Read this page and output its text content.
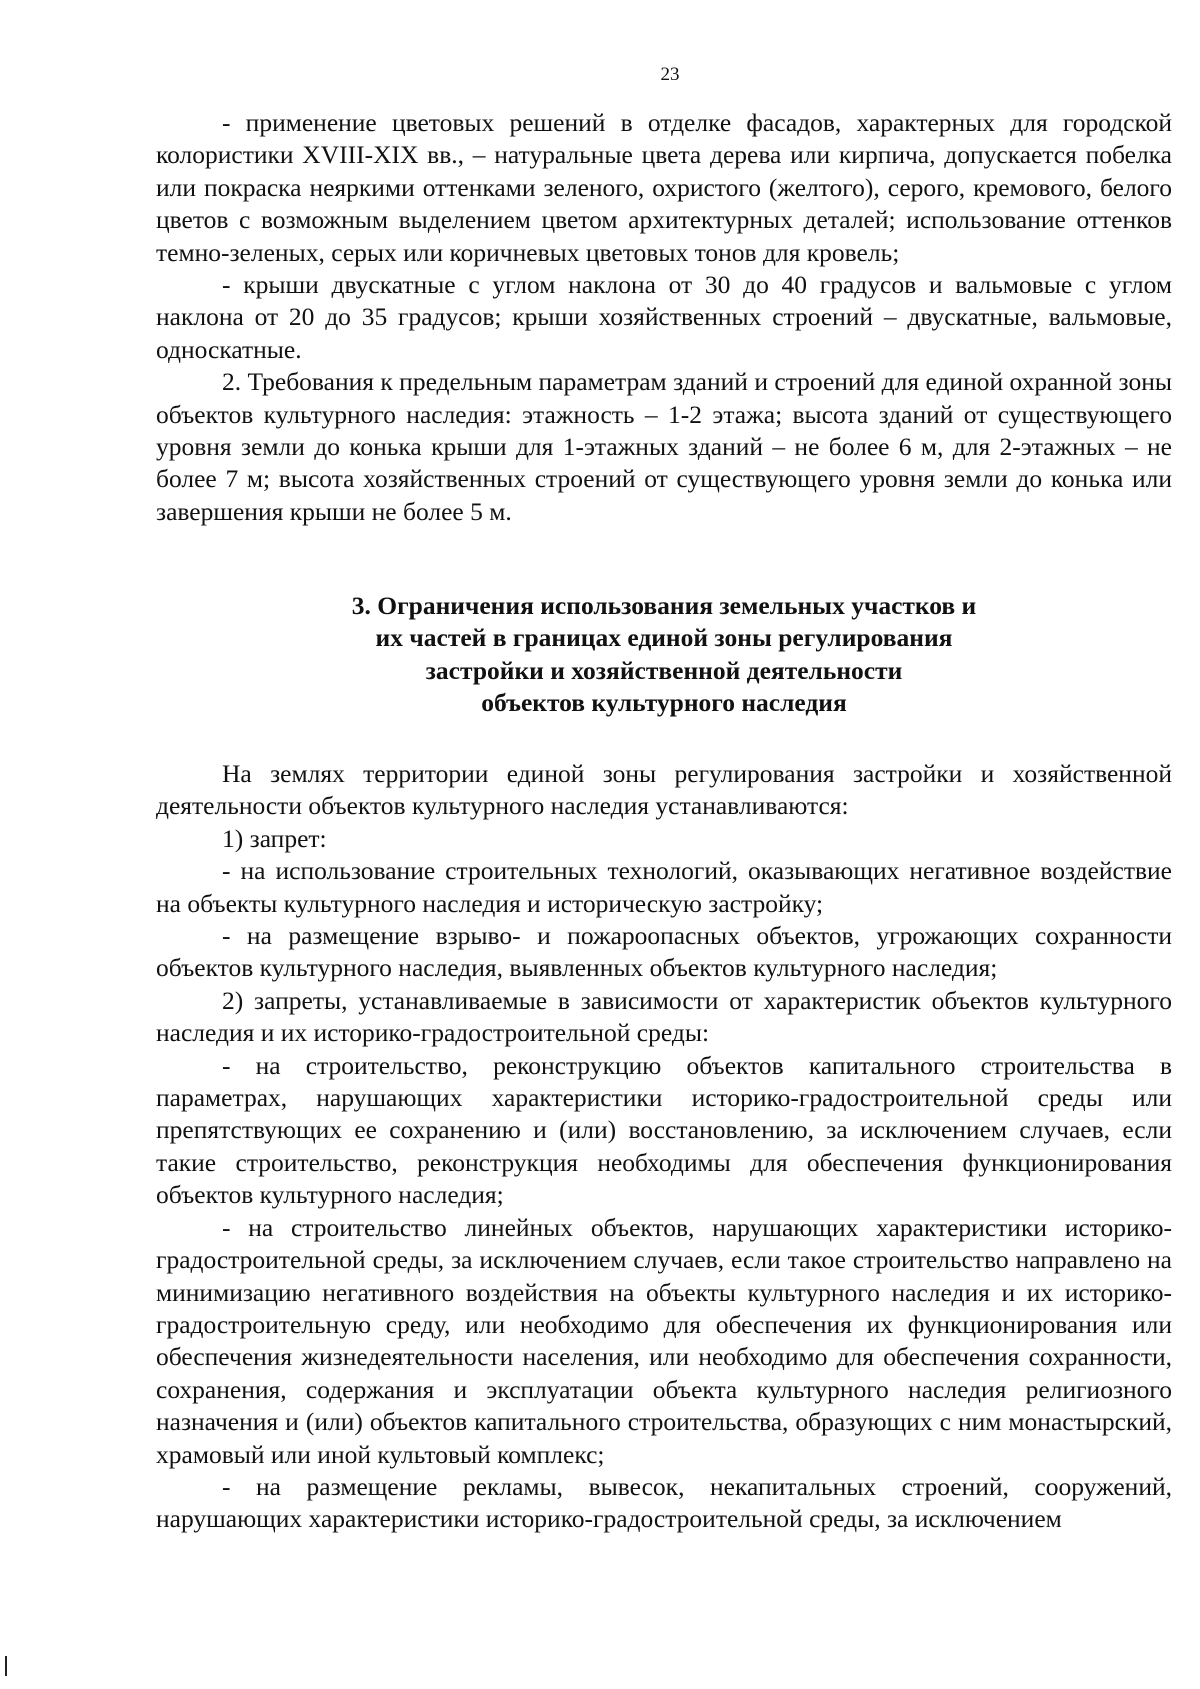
23

- применение цветовых решений в отделке фасадов, характерных для городской колористики XVIII-XIX вв., – натуральные цвета дерева или кирпича, допускается побелка или покраска неяркими оттенками зеленого, охристого (желтого), серого, кремового, белого цветов с возможным выделением цветом архитектурных деталей; использование оттенков темно-зеленых, серых или коричневых цветовых тонов для кровель;

- крыши двускатные с углом наклона от 30 до 40 градусов и вальмовые с углом наклона от 20 до 35 градусов; крыши хозяйственных строений – двускатные, вальмовые, односкатные.

2. Требования к предельным параметрам зданий и строений для единой охранной зоны объектов культурного наследия: этажность – 1-2 этажа; высота зданий от существующего уровня земли до конька крыши для 1-этажных зданий – не более 6 м, для 2-этажных – не более 7 м; высота хозяйственных строений от существующего уровня земли до конька или завершения крыши не более 5 м.

3. Ограничения использования земельных участков и
их частей в границах единой зоны регулирования
застройки и хозяйственной деятельности
объектов культурного наследия

На землях территории единой зоны регулирования застройки и хозяйственной деятельности объектов культурного наследия устанавливаются:

1) запрет:

- на использование строительных технологий, оказывающих негативное воздействие на объекты культурного наследия и историческую застройку;

- на размещение взрыво- и пожароопасных объектов, угрожающих сохранности объектов культурного наследия, выявленных объектов культурного наследия;

2) запреты, устанавливаемые в зависимости от характеристик объектов культурного наследия и их историко-градостроительной среды:

- на строительство, реконструкцию объектов капитального строительства в параметрах, нарушающих характеристики историко-градостроительной среды или препятствующих ее сохранению и (или) восстановлению, за исключением случаев, если такие строительство, реконструкция необходимы для обеспечения функционирования объектов культурного наследия;

- на строительство линейных объектов, нарушающих характеристики историко-градостроительной среды, за исключением случаев, если такое строительство направлено на минимизацию негативного воздействия на объекты культурного наследия и их историко-градостроительную среду, или необходимо для обеспечения их функционирования или обеспечения жизнедеятельности населения, или необходимо для обеспечения сохранности, сохранения, содержания и эксплуатации объекта культурного наследия религиозного назначения и (или) объектов капитального строительства, образующих с ним монастырский, храмовый или иной культовый комплекс;

- на размещение рекламы, вывесок, некапитальных строений, сооружений, нарушающих характеристики историко-градостроительной среды, за исключением
